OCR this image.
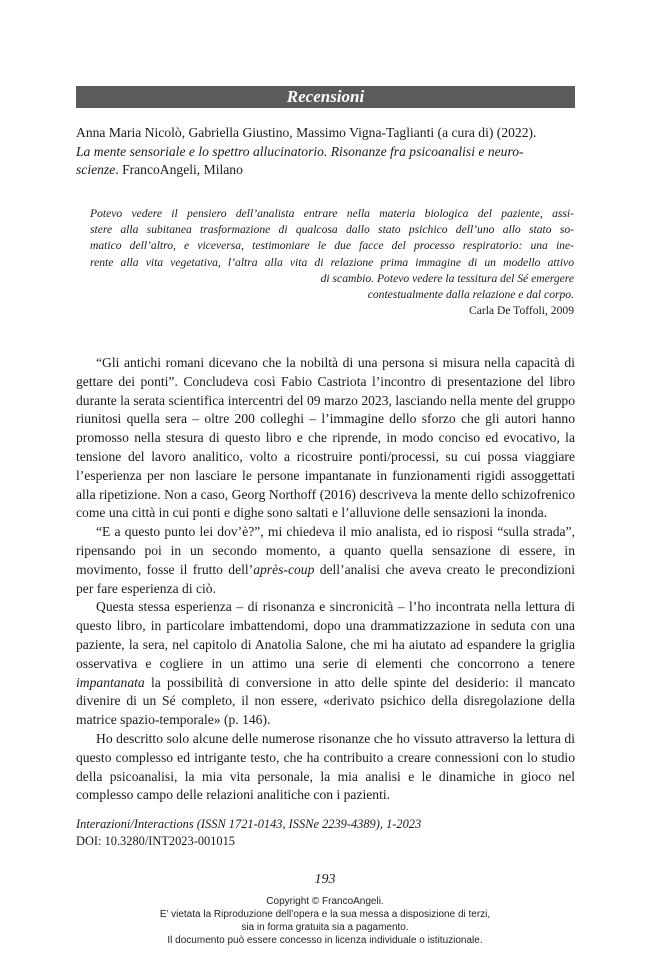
Recensioni
Anna Maria Nicolò, Gabriella Giustino, Massimo Vigna-Taglianti (a cura di) (2022).
La mente sensoriale e lo spettro allucinatorio. Risonanze fra psicoanalisi e neuro-
scienze. FrancoAngeli, Milano
Potevo vedere il pensiero dell’analista entrare nella materia biologica del paziente, assi-
stere alla subitanea trasformazione di qualcosa dallo stato psichico dell’uno allo stato so-
matico dell’altro, e viceversa, testimoniare le due facce del processo respiratorio: una ine-
rente alla vita vegetativa, l’altra alla vita di relazione prima immagine di un modello attivo
di scambio. Potevo vedere la tessitura del Sé emergere
contestualmente dalla relazione e dal corpo.
Carla De Toffoli, 2009

“Gli antichi romani dicevano che la nobiltà di una persona si misura nella capacità di gettare dei ponti”. Concludeva così Fabio Castriota l’incontro di presentazione del libro durante la serata scientifica intercentri del 09 marzo 2023, lasciando nella mente del gruppo riunitosi quella sera – oltre 200 colleghi – l’immagine dello sforzo che gli autori hanno promosso nella stesura di questo libro e che riprende, in modo conciso ed evocativo, la tensione del lavoro analitico, volto a ricostruire ponti/processi, su cui possa viaggiare l’esperienza per non lasciare le persone impantanate in funzionamenti rigidi assoggettati alla ripetizione. Non a caso, Georg Northoff (2016) descriveva la mente dello schizofrenico come una città in cui ponti e dighe sono saltati e l’alluvione delle sensazioni la inonda.

“E a questo punto lei dov’è?”, mi chiedeva il mio analista, ed io risposi “sulla strada”, ripensando poi in un secondo momento, a quanto quella sensazione di essere, in movimento, fosse il frutto dell’après-coup dell’analisi che aveva creato le precondizioni per fare esperienza di ciò.

Questa stessa esperienza – di risonanza e sincronicità – l’ho incontrata nella lettura di questo libro, in particolare imbattendomi, dopo una drammatizzazione in seduta con una paziente, la sera, nel capitolo di Anatolia Salone, che mi ha aiutato ad espandere la griglia osservativa e cogliere in un attimo una serie di elementi che concorrono a tenere impantanata la possibilità di conversione in atto delle spinte del desiderio: il mancato divenire di un Sé completo, il non essere, «derivato psichico della disregolazione della matrice spazio-temporale» (p. 146).

Ho descritto solo alcune delle numerose risonanze che ho vissuto attraverso la lettura di questo complesso ed intrigante testo, che ha contribuito a creare connessioni con lo studio della psicoanalisi, la mia vita personale, la mia analisi e le dinamiche in gioco nel complesso campo delle relazioni analitiche con i pazienti.

Interazioni/Interactions (ISSN 1721-0143, ISSNe 2239-4389), 1-2023
DOI: 10.3280/INT2023-001015
193
Copyright © FrancoAngeli.
E’ vietata la Riproduzione dell’opera e la sua messa a disposizione di terzi,
sia in forma gratuita sia a pagamento.
Il documento può essere concesso in licenza individuale o istituzionale.
